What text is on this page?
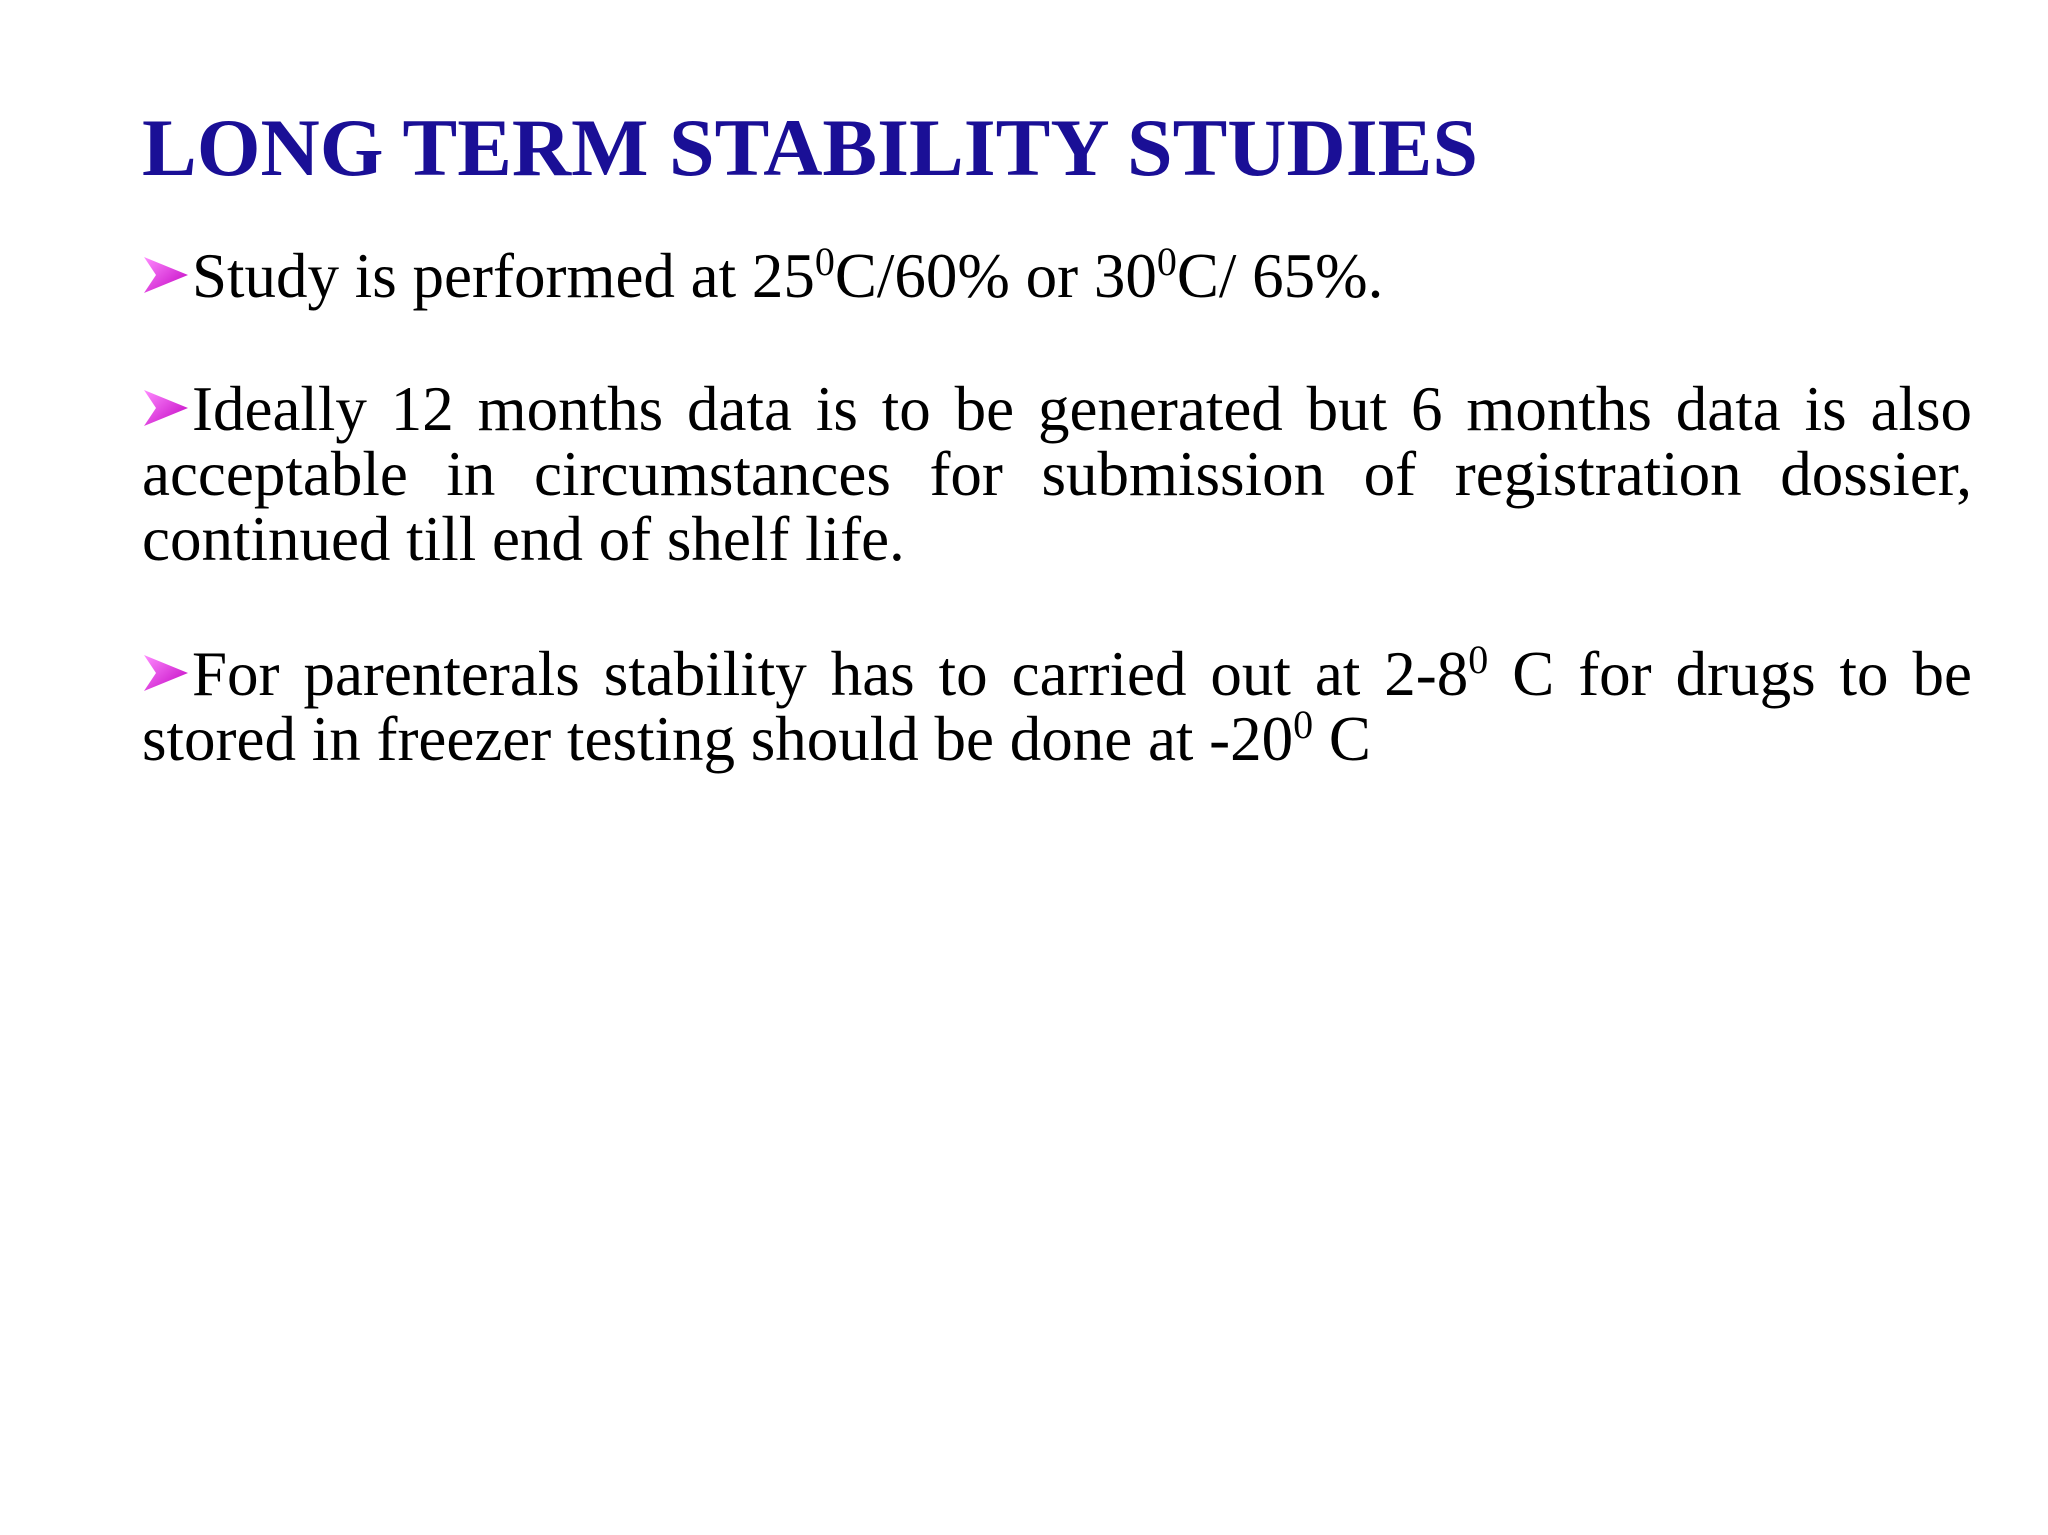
LONG TERM STABILITY STUDIES

Study is performed at $25^0C/60\%$ or $30^0C/$ 65%.

Ideally 12 months data is to be generated but 6 months data is also acceptable in circumstances for submission of registration dossier, continued till end of shelf life.

For parenterals stability has to carried out at $2-8^0$ C for drugs to be stored in freezer testing should be done at $-20^0$ C
